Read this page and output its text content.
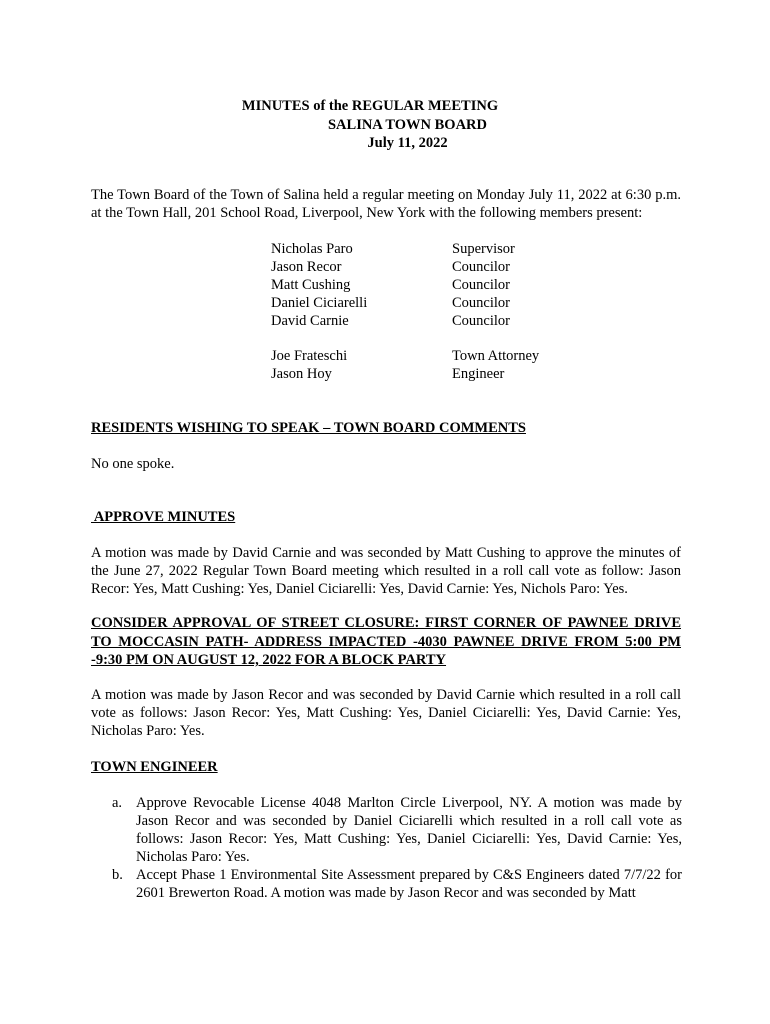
MINUTES of the REGULAR MEETING
SALINA TOWN BOARD
July 11, 2022
The Town Board of the Town of Salina held a regular meeting on Monday July 11, 2022 at 6:30 p.m. at the Town Hall, 201 School Road, Liverpool, New York with the following members present:
Nicholas Paro	Supervisor
Jason Recor	Councilor
Matt Cushing	Councilor
Daniel Ciciarelli	Councilor
David Carnie	Councilor
Joe Frateschi	Town Attorney
Jason Hoy	Engineer
RESIDENTS WISHING TO SPEAK – TOWN BOARD COMMENTS
No one spoke.
APPROVE MINUTES
A motion was made by David Carnie and was seconded by Matt Cushing to approve the minutes of the June 27, 2022 Regular Town Board meeting which resulted in a roll call vote as follow: Jason Recor: Yes, Matt Cushing: Yes, Daniel Ciciarelli: Yes, David Carnie: Yes, Nichols Paro: Yes.
CONSIDER APPROVAL OF STREET CLOSURE: FIRST CORNER OF PAWNEE DRIVE TO MOCCASIN PATH- ADDRESS IMPACTED -4030 PAWNEE DRIVE FROM 5:00 PM -9:30 PM ON AUGUST 12, 2022 FOR A BLOCK PARTY
A motion was made by Jason Recor and was seconded by David Carnie which resulted in a roll call vote as follows: Jason Recor: Yes, Matt Cushing: Yes, Daniel Ciciarelli: Yes, David Carnie: Yes, Nicholas Paro: Yes.
TOWN ENGINEER
a. Approve Revocable License 4048 Marlton Circle Liverpool, NY. A motion was made by Jason Recor and was seconded by Daniel Ciciarelli which resulted in a roll call vote as follows: Jason Recor: Yes, Matt Cushing: Yes, Daniel Ciciarelli: Yes, David Carnie: Yes, Nicholas Paro: Yes.
b. Accept Phase 1 Environmental Site Assessment prepared by C&S Engineers dated 7/7/22 for 2601 Brewerton Road. A motion was made by Jason Recor and was seconded by Matt
